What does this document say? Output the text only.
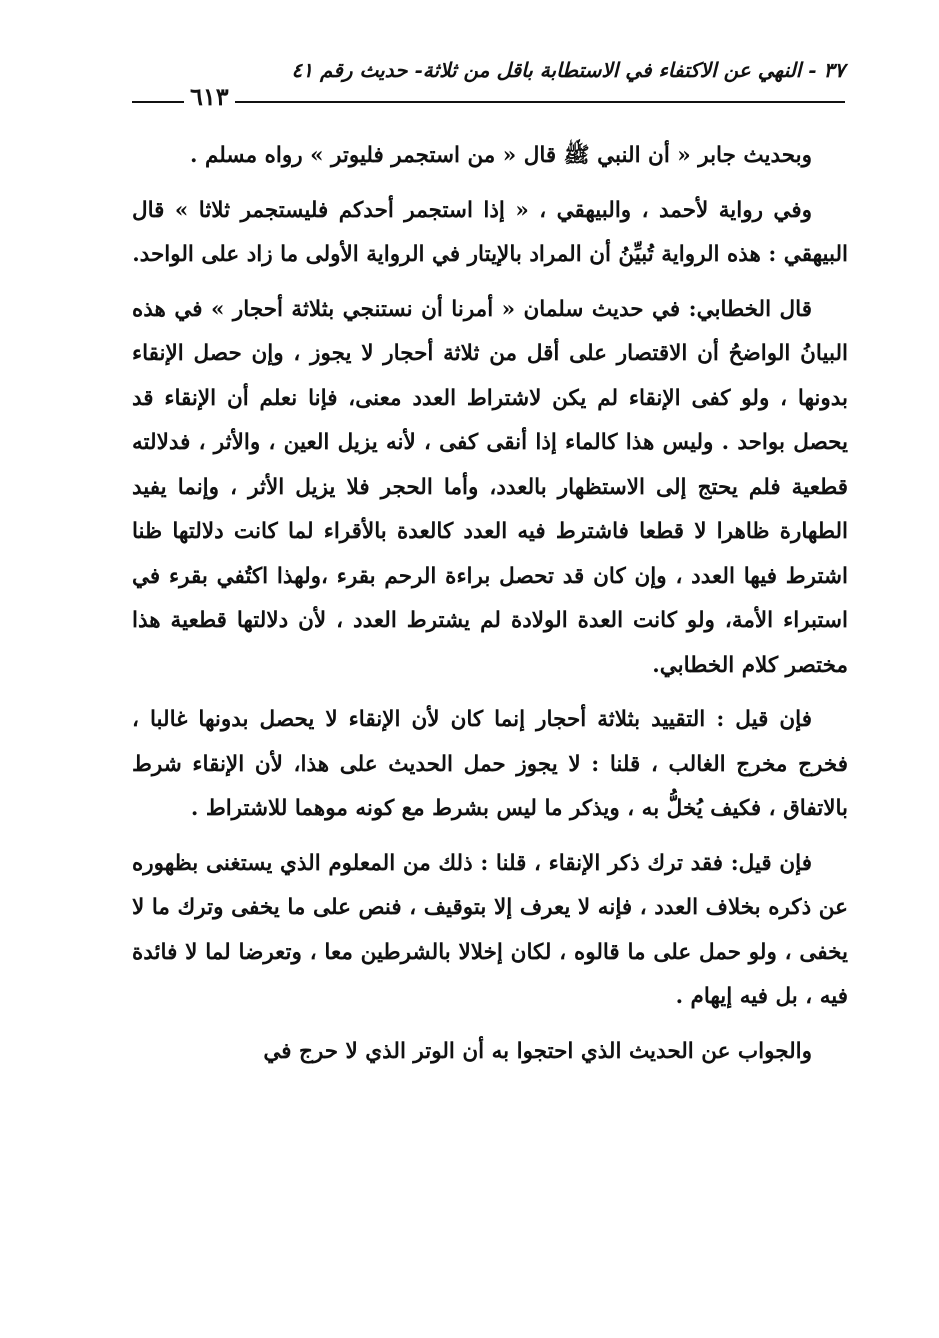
٣٧ - النهي عن الاكتفاء في الاستطابة باقل من ثلاثة- حديث رقم ٤١
٦١٣

وبحديث جابر « أن النبي ﷺ قال « من استجمر فليوتر » رواه مسلم .

وفي رواية لأحمد ، والبيهقي ، « إذا استجمر أحدكم فليستجمر ثلاثا » قال البيهقي : هذه الرواية تُبيِّنُ أن المراد بالإيتار في الرواية الأولى ما زاد على الواحد.

قال الخطابي: في حديث سلمان « أمرنا أن نستنجي بثلاثة أحجار » في هذه البيانُ الواضحُ أن الاقتصار على أقل من ثلاثة أحجار لا يجوز ، وإن حصل الإنقاء بدونها ، ولو كفى الإنقاء لم يكن لاشتراط العدد معنى، فإنا نعلم أن الإنقاء قد يحصل بواحد . وليس هذا كالماء إذا أنقى كفى ، لأنه يزيل العين ، والأثر ، فدلالته قطعية فلم يحتج إلى الاستظهار بالعدد، وأما الحجر فلا يزيل الأثر ، وإنما يفيد الطهارة ظاهرا لا قطعا فاشترط فيه العدد كالعدة بالأقراء لما كانت دلالتها ظنا اشترط فيها العدد ، وإن كان قد تحصل براءة الرحم بقرء ،ولهذا اكتُفي بقرء في استبراء الأمة، ولو كانت العدة الولادة لم يشترط العدد ، لأن دلالتها قطعية هذا مختصر كلام الخطابي.

فإن قيل : التقييد بثلاثة أحجار إنما كان لأن الإنقاء لا يحصل بدونها غالبا ، فخرج مخرج الغالب ، قلنا : لا يجوز حمل الحديث على هذا، لأن الإنقاء شرط بالاتفاق ، فكيف يُخلُّ به ، ويذكر ما ليس بشرط مع كونه موهما للاشتراط .

فإن قيل: فقد ترك ذكر الإنقاء ، قلنا : ذلك من المعلوم الذي يستغنى بظهوره عن ذكره بخلاف العدد ، فإنه لا يعرف إلا بتوقيف ، فنص على ما يخفى وترك ما لا يخفى ، ولو حمل على ما قالوه ، لكان إخلالا بالشرطين معا ، وتعرضا لما لا فائدة فيه ، بل فيه إيهام .

والجواب عن الحديث الذي احتجوا به أن الوتر الذي لا حرج في
